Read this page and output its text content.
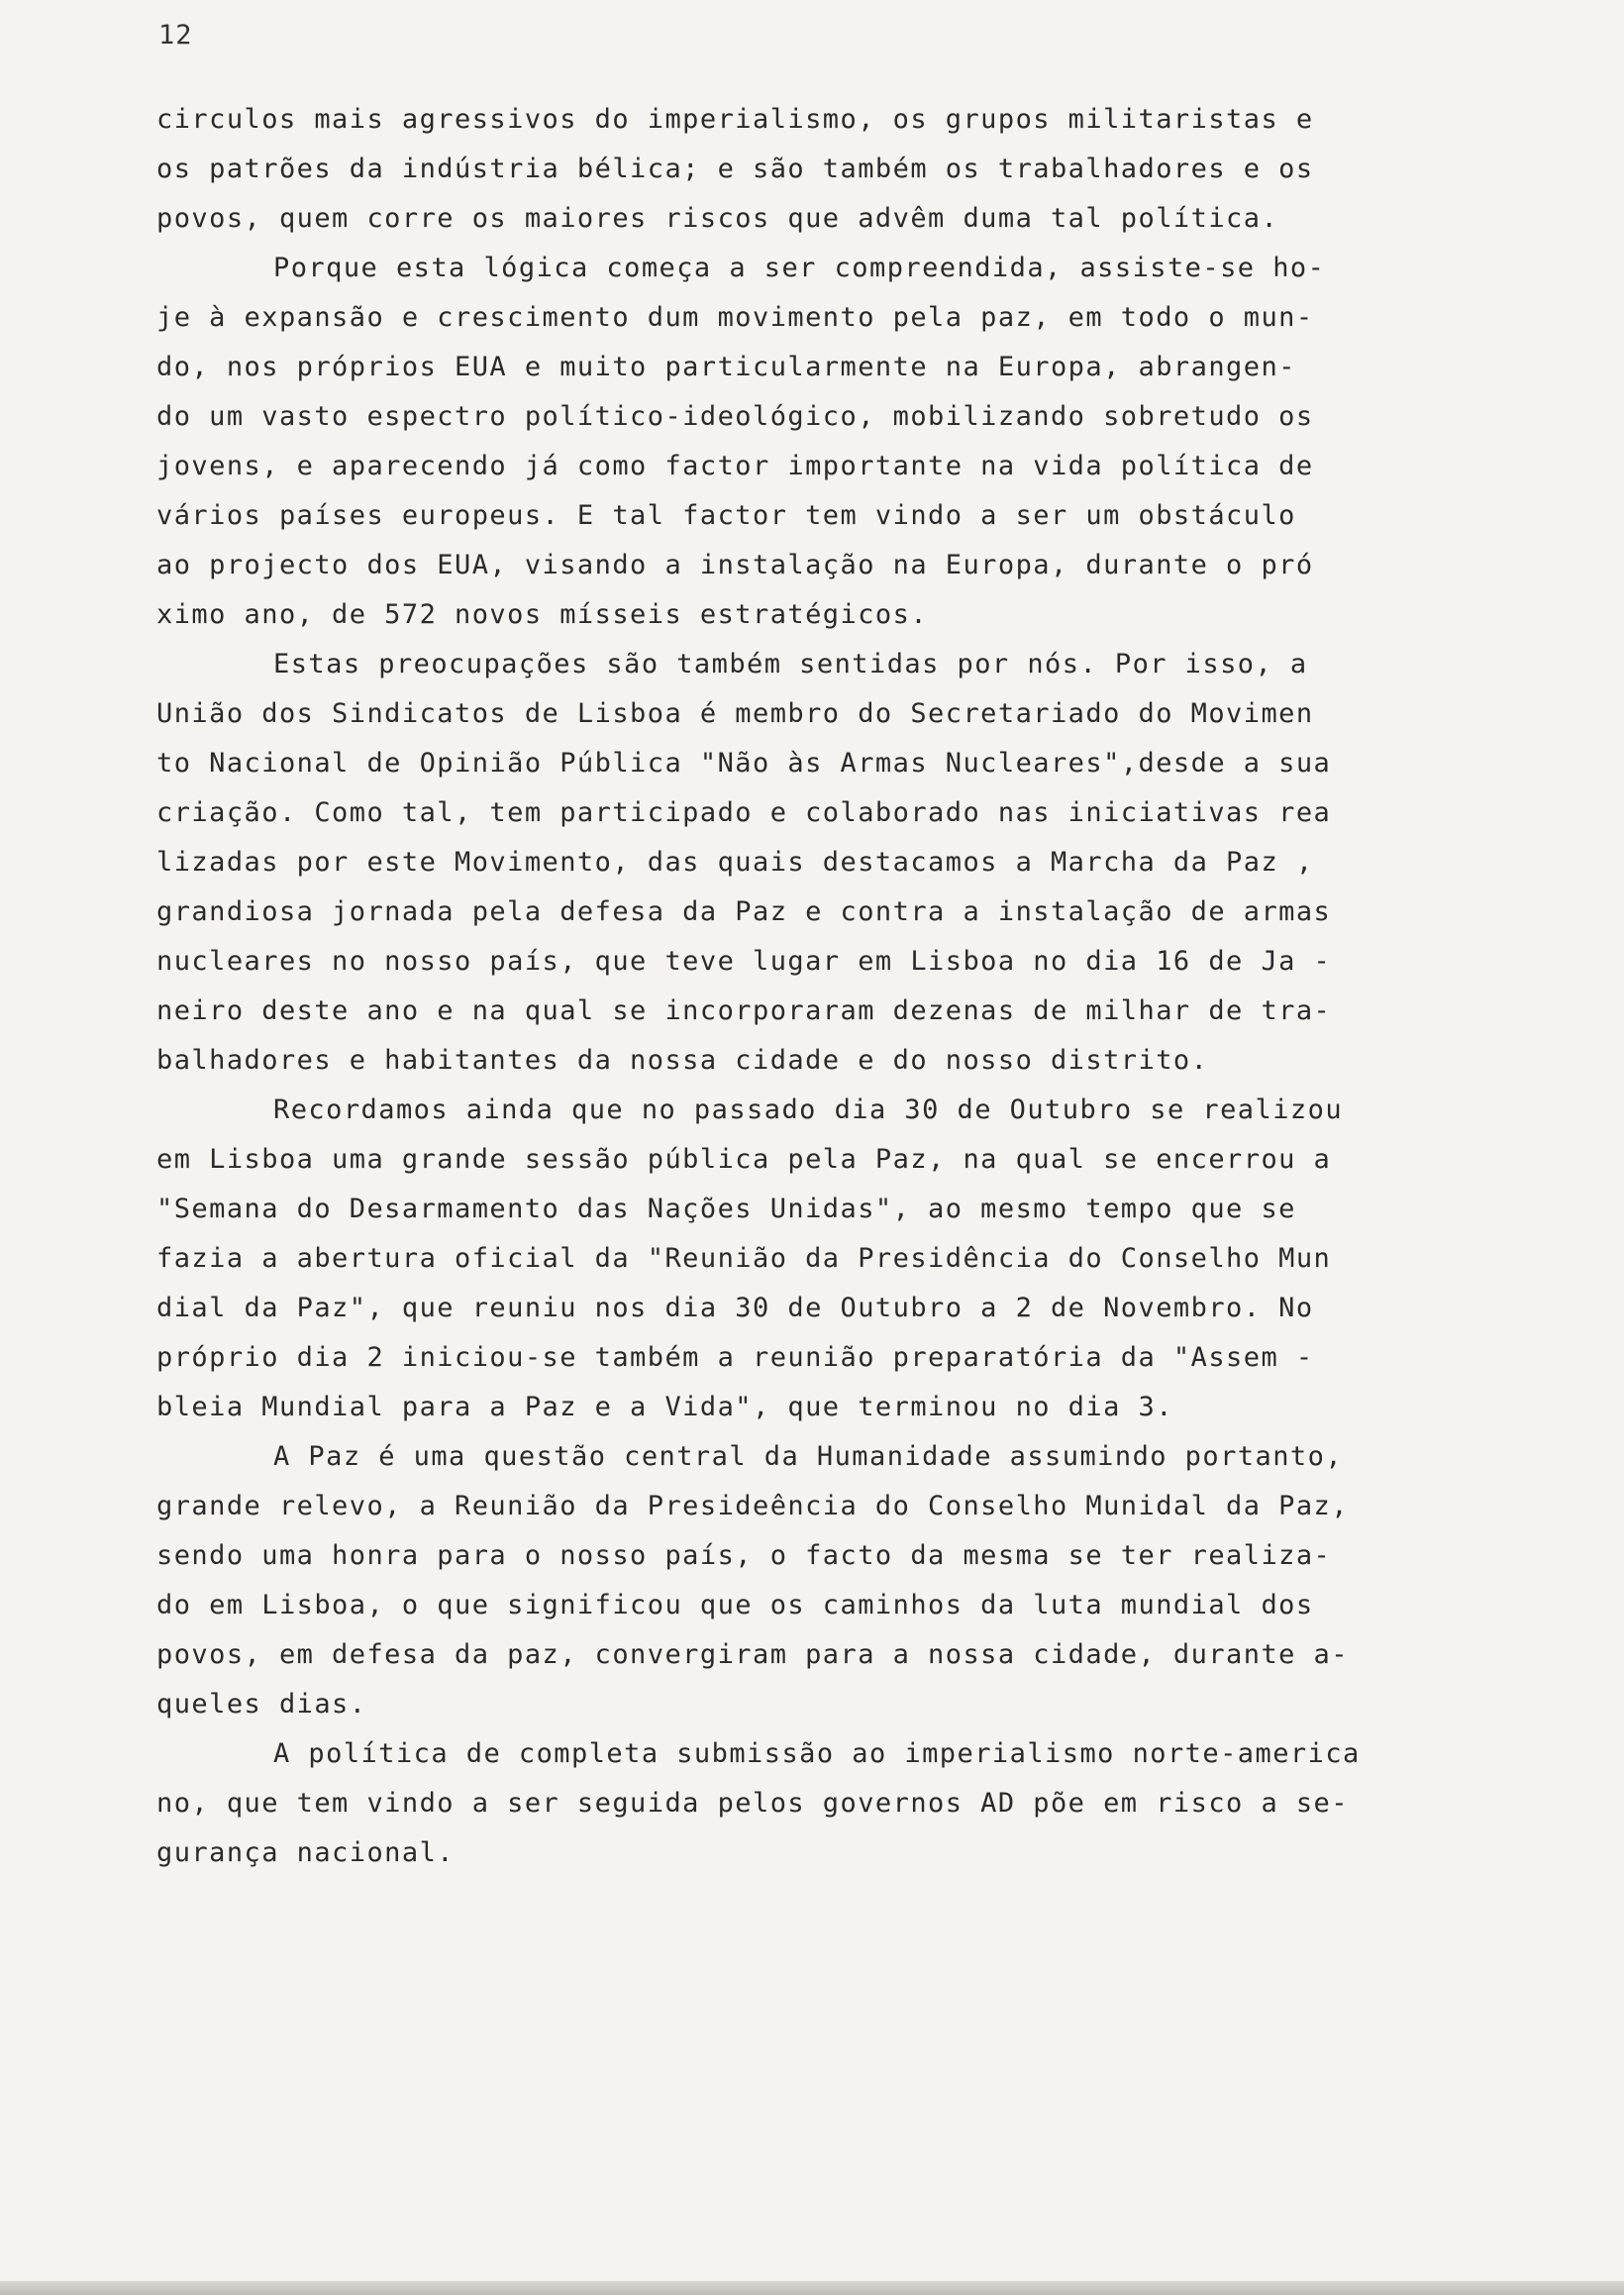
12
circulos mais agressivos do imperialismo, os grupos militaristas e
os patrões da indústria bélica; e são também os trabalhadores e os
povos, quem corre os maiores riscos que advêm duma tal política.
Porque esta lógica começa a ser compreendida, assiste-se ho-
je à expansão e crescimento dum movimento pela paz, em todo o mun-
do, nos próprios EUA e muito particularmente na Europa, abrangen-
do um vasto espectro político-ideológico, mobilizando sobretudo os
jovens, e aparecendo já como factor importante na vida política de
vários países europeus. E tal factor tem vindo a ser um obstáculo
ao projecto dos EUA, visando a instalação na Europa, durante o pró
ximo ano, de 572 novos mísseis estratégicos.
Estas preocupações são também sentidas por nós. Por isso, a
União dos Sindicatos de Lisboa é membro do Secretariado do Movimen
to Nacional de Opinião Pública "Não às Armas Nucleares",desde a sua
criação. Como tal, tem participado e colaborado nas iniciativas rea
lizadas por este Movimento, das quais destacamos a Marcha da Paz ,
grandiosa jornada pela defesa da Paz e contra a instalação de armas
nucleares no nosso país, que teve lugar em Lisboa no dia 16 de Ja -
neiro deste ano e na qual se incorporaram dezenas de milhar de tra-
balhadores e habitantes da nossa cidade e do nosso distrito.
Recordamos ainda que no passado dia 30 de Outubro se realizou
em Lisboa uma grande sessão pública pela Paz, na qual se encerrou a
"Semana do Desarmamento das Nações Unidas", ao mesmo tempo que se
fazia a abertura oficial da "Reunião da Presidência do Conselho Mun
dial da Paz", que reuniu nos dia 30 de Outubro a 2 de Novembro. No
próprio dia 2 iniciou-se também a reunião preparatória da "Assem -
bleia Mundial para a Paz e a Vida", que terminou no dia 3.
A Paz é uma questão central da Humanidade assumindo portanto,
grande relevo, a Reunião da Presideência do Conselho Munidal da Paz,
sendo uma honra para o nosso país, o facto da mesma se ter realiza-
do em Lisboa, o que significou que os caminhos da luta mundial dos
povos, em defesa da paz, convergiram para a nossa cidade, durante a-
queles dias.
A política de completa submissão ao imperialismo norte-america
no, que tem vindo a ser seguida pelos governos AD põe em risco a se-
gurança nacional.
